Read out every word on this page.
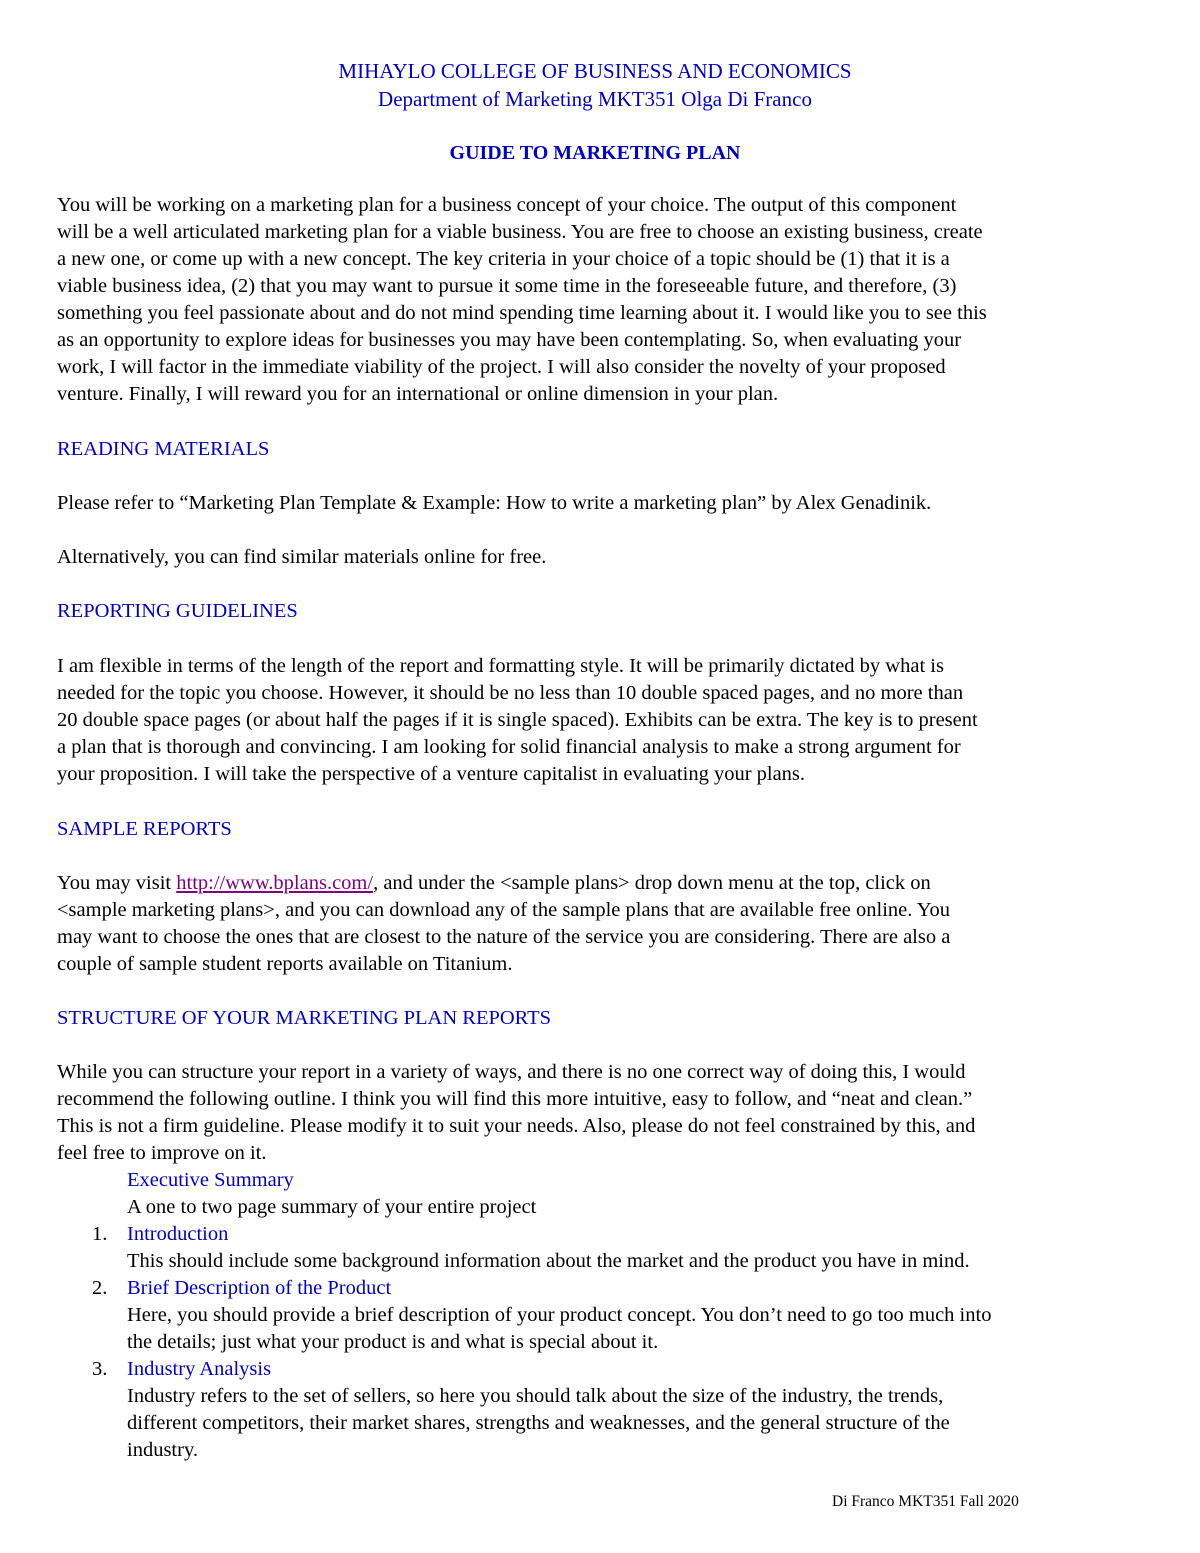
MIHAYLO COLLEGE OF BUSINESS AND ECONOMICS
Department of Marketing MKT351 Olga Di Franco
GUIDE TO MARKETING PLAN
You will be working on a marketing plan for a business concept of your choice. The output of this component
will be a well articulated marketing plan for a viable business. You are free to choose an existing business, create
a new one, or come up with a new concept. The key criteria in your choice of a topic should be (1) that it is a
viable business idea, (2) that you may want to pursue it some time in the foreseeable future, and therefore, (3)
something you feel passionate about and do not mind spending time learning about it. I would like you to see this
as an opportunity to explore ideas for businesses you may have been contemplating. So, when evaluating your
work, I will factor in the immediate viability of the project. I will also consider the novelty of your proposed
venture. Finally, I will reward you for an international or online dimension in your plan.
READING MATERIALS
Please refer to “Marketing Plan Template & Example: How to write a marketing plan” by Alex Genadinik.
Alternatively, you can find similar materials online for free.
REPORTING GUIDELINES
I am flexible in terms of the length of the report and formatting style. It will be primarily dictated by what is
needed for the topic you choose. However, it should be no less than 10 double spaced pages, and no more than
20 double space pages (or about half the pages if it is single spaced). Exhibits can be extra. The key is to present
a plan that is thorough and convincing. I am looking for solid financial analysis to make a strong argument for
your proposition. I will take the perspective of a venture capitalist in evaluating your plans.
SAMPLE REPORTS
You may visit http://www.bplans.com/, and under the <sample plans> drop down menu at the top, click on
<sample marketing plans>, and you can download any of the sample plans that are available free online. You
may want to choose the ones that are closest to the nature of the service you are considering. There are also a
couple of sample student reports available on Titanium.
STRUCTURE OF YOUR MARKETING PLAN REPORTS
While you can structure your report in a variety of ways, and there is no one correct way of doing this, I would
recommend the following outline. I think you will find this more intuitive, easy to follow, and “neat and clean.”
This is not a firm guideline. Please modify it to suit your needs. Also, please do not feel constrained by this, and
feel free to improve on it.
Executive Summary
A one to two page summary of your entire project
1. Introduction
This should include some background information about the market and the product you have in mind.
2. Brief Description of the Product
Here, you should provide a brief description of your product concept. You don’t need to go too much into
the details; just what your product is and what is special about it.
3. Industry Analysis
Industry refers to the set of sellers, so here you should talk about the size of the industry, the trends,
different competitors, their market shares, strengths and weaknesses, and the general structure of the
industry.
Di Franco MKT351 Fall 2020
